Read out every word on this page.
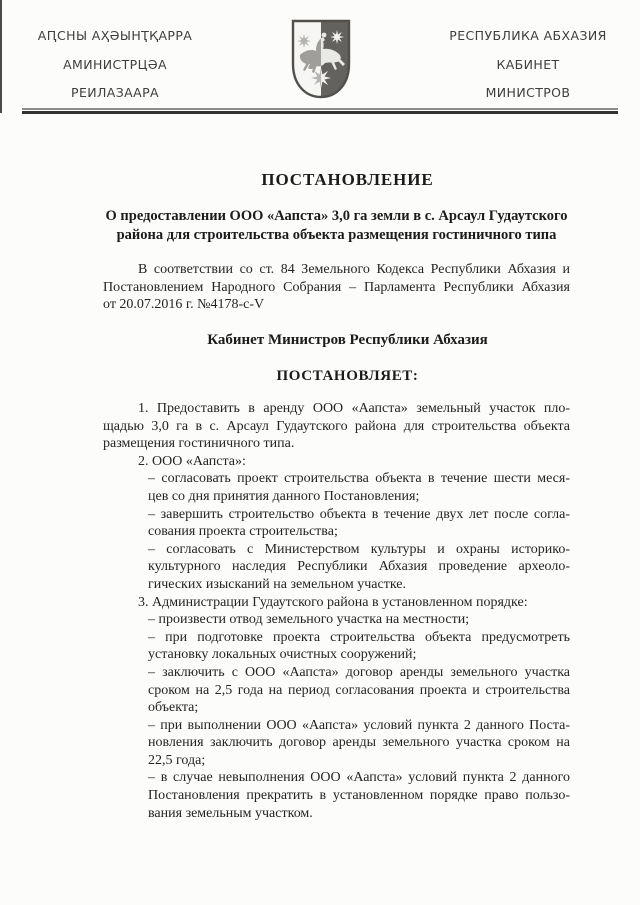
АԤСНЫ АҲӘЫНҬҚАРРА
АМИНИСТРЦӘА
РЕИЛАЗААРА
РЕСПУБЛИКА АБХАЗИЯ
КАБИНЕТ
МИНИСТРОВ
ПОСТАНОВЛЕНИЕ
О предоставлении ООО «Аапста» 3,0 га земли в с. Арсаул Гудаутского
района для строительства объекта размещения гостиничного типа
В соответствии со ст. 84 Земельного Кодекса Республики Абхазия и
Постановлением Народного Собрания – Парламента Республики Абхазия
от 20.07.2016 г. №4178-с-V
Кабинет Министров Республики Абхазия
ПОСТАНОВЛЯЕТ:
1. Предоставить в аренду ООО «Аапста» земельный участок пло-
щадью 3,0 га в с. Арсаул Гудаутского района для строительства объекта
размещения гостиничного типа.
2. ООО «Аапста»:
– согласовать проект строительства объекта в течение шести меся-
цев со дня принятия данного Постановления;
– завершить строительство объекта в течение двух лет после согла-
сования проекта строительства;
– согласовать с Министерством культуры и охраны историко-
культурного наследия Республики Абхазия проведение археоло-
гических изысканий на земельном участке.
3. Администрации Гудаутского района в установленном порядке:
– произвести отвод земельного участка на местности;
– при подготовке проекта строительства объекта предусмотреть
установку локальных очистных сооружений;
– заключить с ООО «Аапста» договор аренды земельного участка
сроком на 2,5 года на период согласования проекта и строительства
объекта;
– при выполнении ООО «Аапста» условий пункта 2 данного Поста-
новления заключить договор аренды земельного участка сроком на
22,5 года;
– в случае невыполнения ООО «Аапста» условий пункта 2 данного
Постановления прекратить в установленном порядке право пользо-
вания земельным участком.
